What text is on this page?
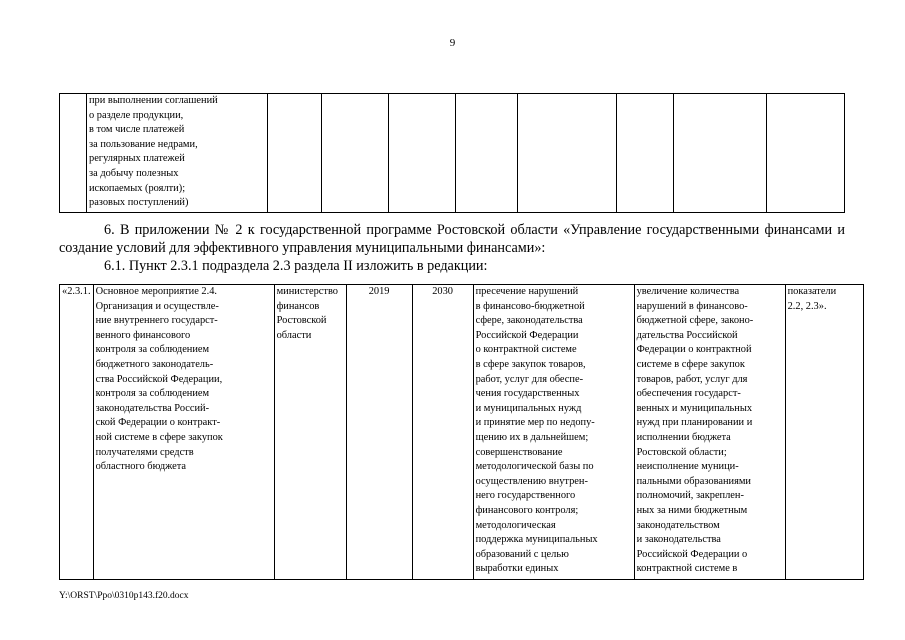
9
	при выполнении соглашений
о разделе продукции,
в том числе платежей
за пользование недрами,
регулярных платежей
за добычу полезных
ископаемых (роялти);
разовых поступлений)								
6. В приложении № 2 к государственной программе Ростовской области «Управление государственными финансами и создание условий для эффективного управления муниципальными финансами»:
6.1. Пункт 2.3.1 подраздела 2.3 раздела II изложить в редакции:
«2.3.1.	Основное мероприятие 2.4.
Организация и осуществле-
ние внутреннего государст-
венного финансового
контроля за соблюдением
бюджетного законодатель-
ства Российской Федерации,
контроля за соблюдением
законодательства Россий-
ской Федерации о контракт-
ной системе в сфере закупок
получателями средств
областного бюджета	министерство
финансов
Ростовской
области	2019	2030	пресечение нарушений
в финансово-бюджетной
сфере, законодательства
Российской Федерации
о контрактной системе
в сфере закупок товаров,
работ, услуг для обеспе-
чения государственных
и муниципальных нужд
и принятие мер по недопу-
щению их в дальнейшем;
совершенствование
методологической базы по
осуществлению внутрен-
него государственного
финансового контроля;
методологическая
поддержка муниципальных
образований с целью
выработки единых	увеличение количества
нарушений в финансово-
бюджетной сфере, законо-
дательства Российской
Федерации о контрактной
системе в сфере закупок
товаров, работ, услуг для
обеспечения государст-
венных и муниципальных
нужд при планировании и
исполнении бюджета
Ростовской области;
неисполнение муници-
пальными образованиями
полномочий, закреплен-
ных за ними бюджетным
законодательством
и законодательства
Российской Федерации о
контрактной системе в	показатели
2.2, 2.3».
Y:\ORST\Ppo\0310p143.f20.docx
